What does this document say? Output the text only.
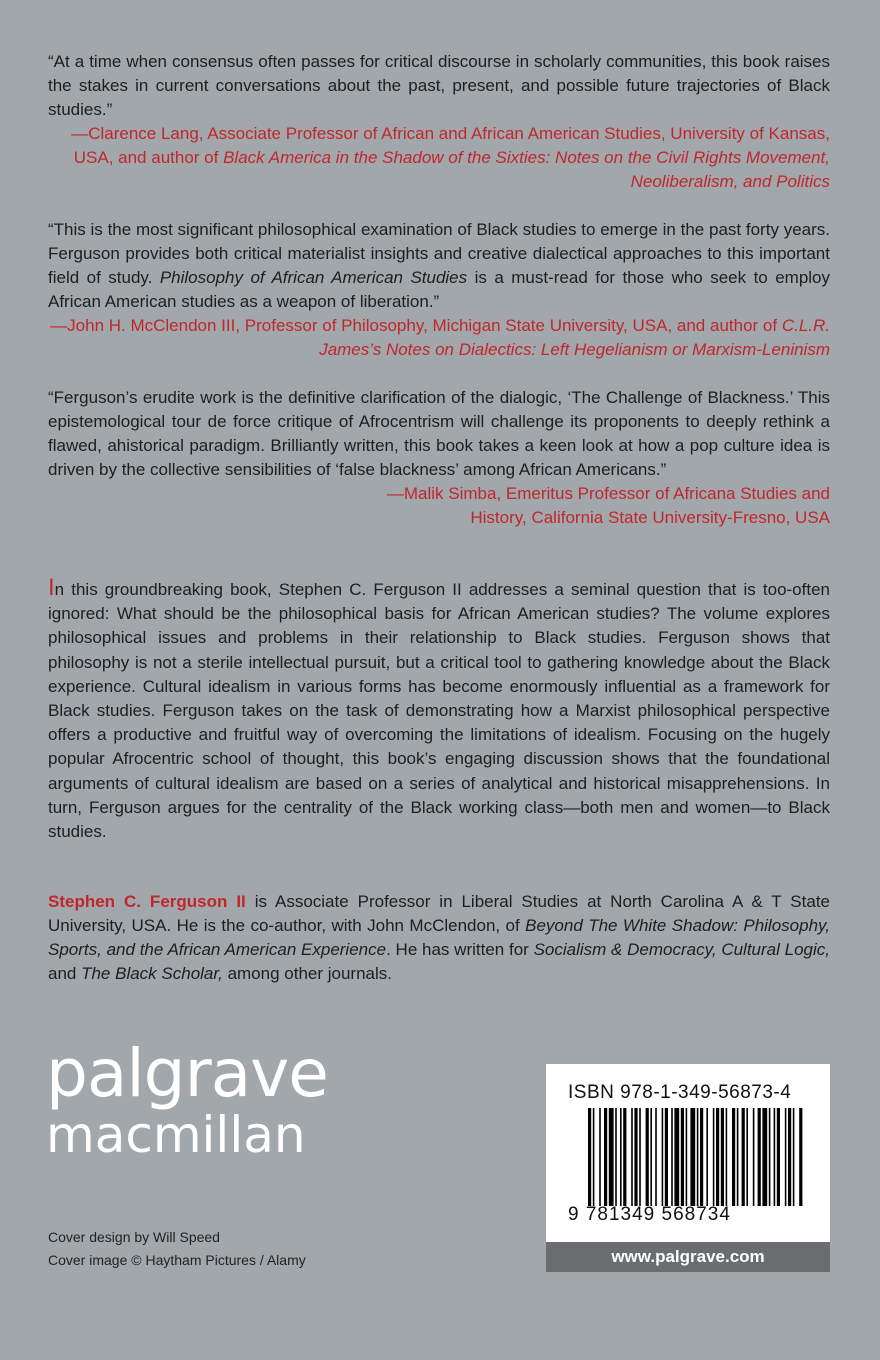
“At a time when consensus often passes for critical discourse in scholarly communities, this book raises the stakes in current conversations about the past, present, and possible future trajectories of Black studies.”

—Clarence Lang, Associate Professor of African and African American Studies, University of Kansas, USA, and author of Black America in the Shadow of the Sixties: Notes on the Civil Rights Movement, Neoliberalism, and Politics

“This is the most significant philosophical examination of Black studies to emerge in the past forty years. Ferguson provides both critical materialist insights and creative dialectical approaches to this important field of study. Philosophy of African American Studies is a must-read for those who seek to employ African American studies as a weapon of liberation.”

—John H. McClendon III, Professor of Philosophy, Michigan State University, USA, and author of C.L.R. James’s Notes on Dialectics: Left Hegelianism or Marxism-Leninism

“Ferguson’s erudite work is the definitive clarification of the dialogic, ‘The Challenge of Blackness.’ This epistemological tour de force critique of Afrocentrism will challenge its proponents to deeply rethink a flawed, ahistorical paradigm. Brilliantly written, this book takes a keen look at how a pop culture idea is driven by the collective sensibilities of ‘false blackness’ among African Americans.”

—Malik Simba, Emeritus Professor of Africana Studies and
History, California State University-Fresno, USA

In this groundbreaking book, Stephen C. Ferguson II addresses a seminal question that is too-often ignored: What should be the philosophical basis for African American studies? The volume explores philosophical issues and problems in their relationship to Black studies. Ferguson shows that philosophy is not a sterile intellectual pursuit, but a critical tool to gathering knowledge about the Black experience. Cultural idealism in various forms has become enormously influential as a framework for Black studies. Ferguson takes on the task of demonstrating how a Marxist philosophical perspective offers a productive and fruitful way of overcoming the limitations of idealism. Focusing on the hugely popular Afrocentric school of thought, this book’s engaging discussion shows that the foundational arguments of cultural idealism are based on a series of analytical and historical misapprehensions. In turn, Ferguson argues for the centrality of the Black working class—both men and women—to Black studies.

Stephen C. Ferguson II is Associate Professor in Liberal Studies at North Carolina A & T State University, USA. He is the co-author, with John McClendon, of Beyond The White Shadow: Philosophy, Sports, and the African American Experience. He has written for Socialism & Democracy, Cultural Logic, and The Black Scholar, among other journals.

palgrave
macmillan
Cover design by Will Speed
Cover image © Haytham Pictures / Alamy
ISBN 978-1-349-56873-4
9 781349 568734
www.palgrave.com
